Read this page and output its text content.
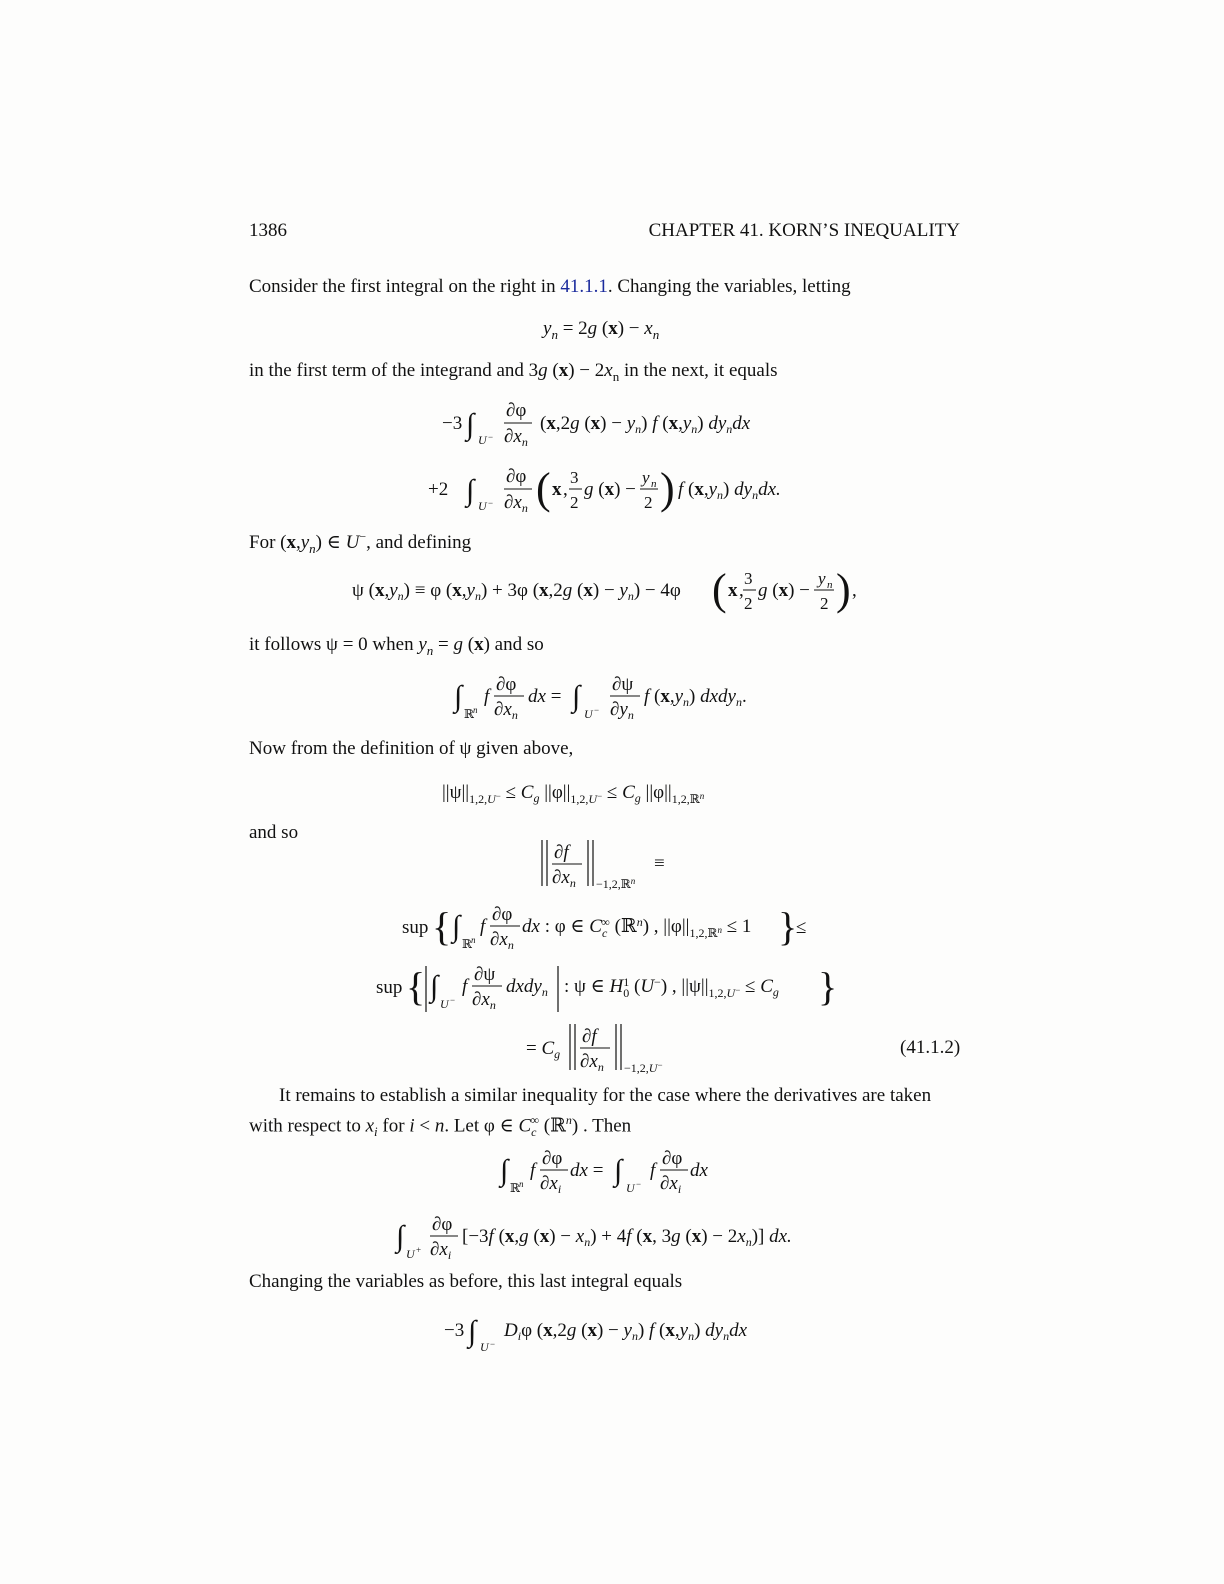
1386	CHAPTER 41. KORN’S INEQUALITY
Consider the first integral on the right in 41.1.1. Changing the variables, letting
$y_n = 2g$ $(x) - x_n$
in the first term of the integrand and 3g $(x) - 2x_n$ in the next, it equals
−3 ∫ U −
∂φ
$\partial x_n$
(x,2g $(x) - y_n$) f $(x,y_n)$ $dy_ndx$
+2 ∫ U −
∂φ
$\partial x_n$ ( x ,
3
2
g (x) −
y n
2 ) f $(x,y_n)$ $dy_ndx$.
For $(x,y_n)$ ∈ U−, and defining
ψ $(x,y_n) \equiv \varphi$ $(x,y_n) + 3\varphi$ (x,2g $(x) - y_n) - 4\varphi$ ( x ,
3
2
g (x) −
y n
2 ) ,
it follows ψ = 0 when $y_n = g$ (x) and so
∫
ℝ n
f
∂φ
$\partial x_n$
dx = ∫
U −
∂ψ
$\partial y_n$
f $(x,y_n)$ dxdy$_n$.
Now from the definition of ψ given above,
$||\psi||_{1,2,}U^- \le C_g$ $||\varphi||_{1,2,}U^- \le C_g$ $||\varphi||_{1,2,ℝ}^n$
and so
∂f
$\partial x_n$ −1,2,ℝ$^n$
≡
sup { ∫
ℝ n
f
∂φ
$\partial x_n$
dx : φ ∈ $C_c\infty$ (ℝ$^n$) , $||\varphi||_{1,2,ℝ}^n \le 1$ }
≤
sup { ∫
U −
f
∂ψ
$\partial x_n$
dxdy$_n$ : ψ ∈ $H_01$ (U−) , $||\psi||_{1,2,}U^- \le C_g$ }
= $C_g$
∂f
$\partial x_n -1,2,U^-$
(41.1.2)
It remains to establish a similar inequality for the case where the derivatives are taken
with respect to $x_i$ for i < n. Let φ ∈ $C_c^\infty$ (ℝ$^n$) . Then
∫
ℝ n
f
∂φ
$\partial x_i$
dx = ∫
U −
f
∂φ
$\partial x_i$
dx
∫
U +
∂φ
$\partial x_i$
[−3f (x,g $(x) - x_n) + 4f$ (x, 3g $(x) - 2x_n$)] dx.
Changing the variables as before, this last integral equals
−3 ∫ U −
$D_i\varphi$ (x,2g $(x) - y_n$) f $(x,y_n)$ $dy_ndx$
